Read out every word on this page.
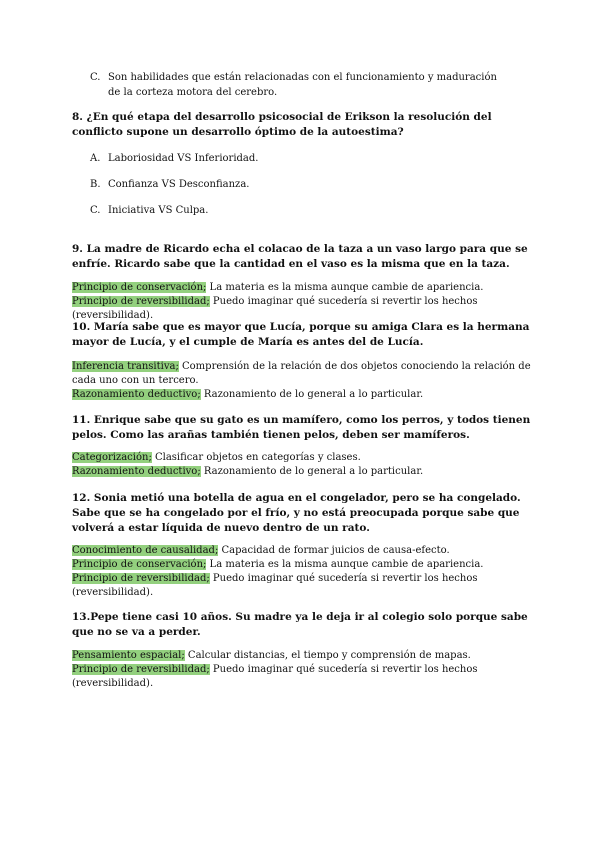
C. Son habilidades que están relacionadas con el funcionamiento y maduración de la corteza motora del cerebro.
8. ¿En qué etapa del desarrollo psicosocial de Erikson la resolución del conflicto supone un desarrollo óptimo de la autoestima?
A. Laboriosidad VS Inferioridad.
B. Confianza VS Desconfianza.
C. Iniciativa VS Culpa.
9. La madre de Ricardo echa el colacao de la taza a un vaso largo para que se enfríe. Ricardo sabe que la cantidad en el vaso es la misma que en la taza.
Principio de conservación; La materia es la misma aunque cambie de apariencia.
Principio de reversibilidad; Puedo imaginar qué sucedería si revertir los hechos (reversibilidad).
10. María sabe que es mayor que Lucía, porque su amiga Clara es la hermana mayor de Lucía, y el cumple de María es antes del de Lucía.
Inferencia transitiva; Comprensión de la relación de dos objetos conociendo la relación de cada uno con un tercero.
Razonamiento deductivo; Razonamiento de lo general a lo particular.
11. Enrique sabe que su gato es un mamífero, como los perros, y todos tienen pelos. Como las arañas también tienen pelos, deben ser mamíferos.
Categorización; Clasificar objetos en categorías y clases.
Razonamiento deductivo; Razonamiento de lo general a lo particular.
12. Sonia metió una botella de agua en el congelador, pero se ha congelado. Sabe que se ha congelado por el frío, y no está preocupada porque sabe que volverá a estar líquida de nuevo dentro de un rato.
Conocimiento de causalidad; Capacidad de formar juicios de causa-efecto.
Principio de conservación; La materia es la misma aunque cambie de apariencia.
Principio de reversibilidad; Puedo imaginar qué sucedería si revertir los hechos (reversibilidad).
13.Pepe tiene casi 10 años. Su madre ya le deja ir al colegio solo porque sabe que no se va a perder.
Pensamiento espacial; Calcular distancias, el tiempo y comprensión de mapas.
Principio de reversibilidad; Puedo imaginar qué sucedería si revertir los hechos (reversibilidad).
